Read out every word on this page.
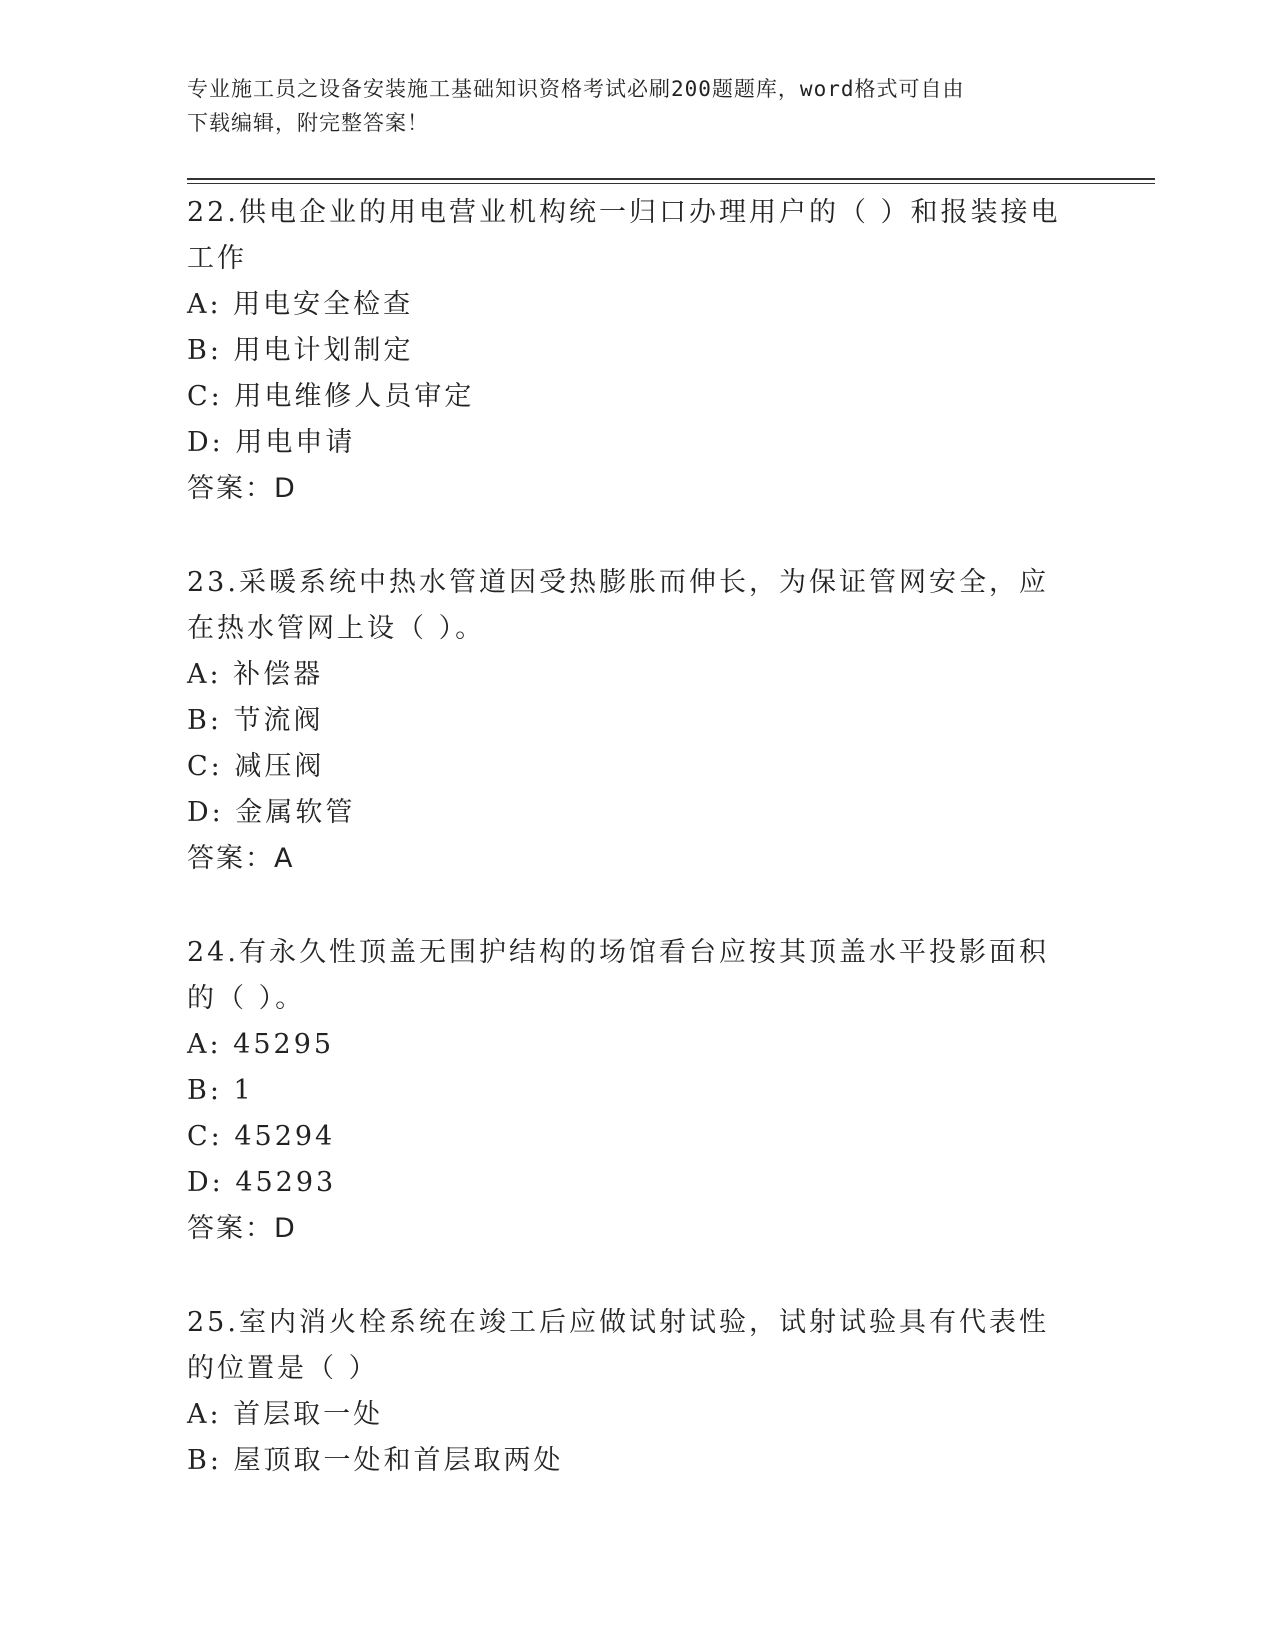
专业施工员之设备安装施工基础知识资格考试必刷200题题库，word格式可自由
下载编辑，附完整答案！
22.供电企业的用电营业机构统一归口办理用户的（ ）和报装接电工作
A: 用电安全检查
B: 用电计划制定
C: 用电维修人员审定
D: 用电申请
答案：D
23.采暖系统中热水管道因受热膨胀而伸长，为保证管网安全，应在热水管网上设（ ）。
A: 补偿器
B: 节流阀
C: 减压阀
D: 金属软管
答案：A
24.有永久性顶盖无围护结构的场馆看台应按其顶盖水平投影面积的（ ）。
A: 45295
B: 1
C: 45294
D: 45293
答案：D
25.室内消火栓系统在竣工后应做试射试验，试射试验具有代表性的位置是（ ）
A: 首层取一处
B: 屋顶取一处和首层取两处
